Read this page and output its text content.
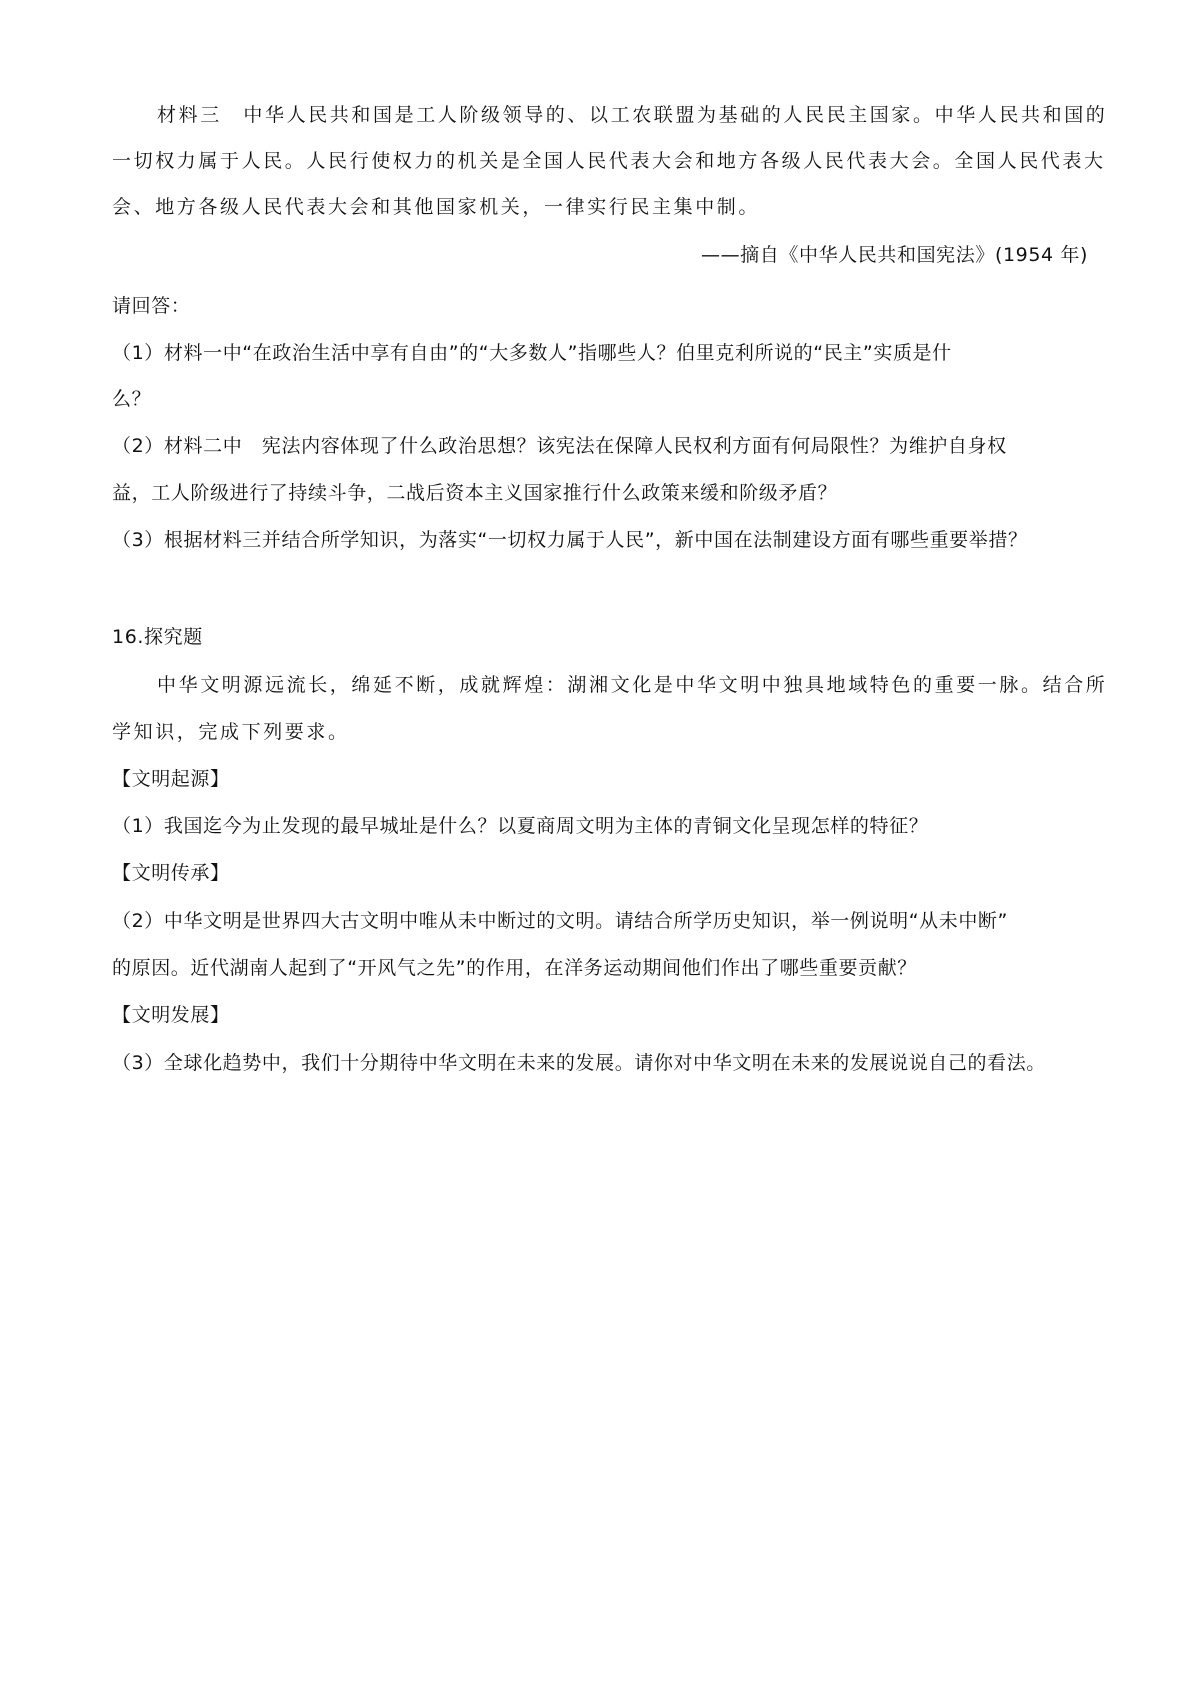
材料三　中华人民共和国是工人阶级领导的、以工农联盟为基础的人民民主国家。中华人民共和国的
一切权力属于人民。人民行使权力的机关是全国人民代表大会和地方各级人民代表大会。全国人民代表大
会、地方各级人民代表大会和其他国家机关，一律实行民主集中制。
——摘自《中华人民共和国宪法》(1954 年)
请回答：
（1）材料一中“在政治生活中享有自由”的“大多数人”指哪些人？伯里克利所说的“民主”实质是什
么？
（2）材料二中　宪法内容体现了什么政治思想？该宪法在保障人民权利方面有何局限性？为维护自身权
益，工人阶级进行了持续斗争，二战后资本主义国家推行什么政策来缓和阶级矛盾？
（3）根据材料三并结合所学知识，为落实“一切权力属于人民”，新中国在法制建设方面有哪些重要举措？
16.探究题
中华文明源远流长，绵延不断，成就辉煌：湖湘文化是中华文明中独具地域特色的重要一脉。结合所
学知识，完成下列要求。
【文明起源】
（1）我国迄今为止发现的最早城址是什么？以夏商周文明为主体的青铜文化呈现怎样的特征？
【文明传承】
（2）中华文明是世界四大古文明中唯从未中断过的文明。请结合所学历史知识，举一例说明“从未中断”
的原因。近代湖南人起到了“开风气之先”的作用，在洋务运动期间他们作出了哪些重要贡献？
【文明发展】
（3）全球化趋势中，我们十分期待中华文明在未来的发展。请你对中华文明在未来的发展说说自己的看法。
